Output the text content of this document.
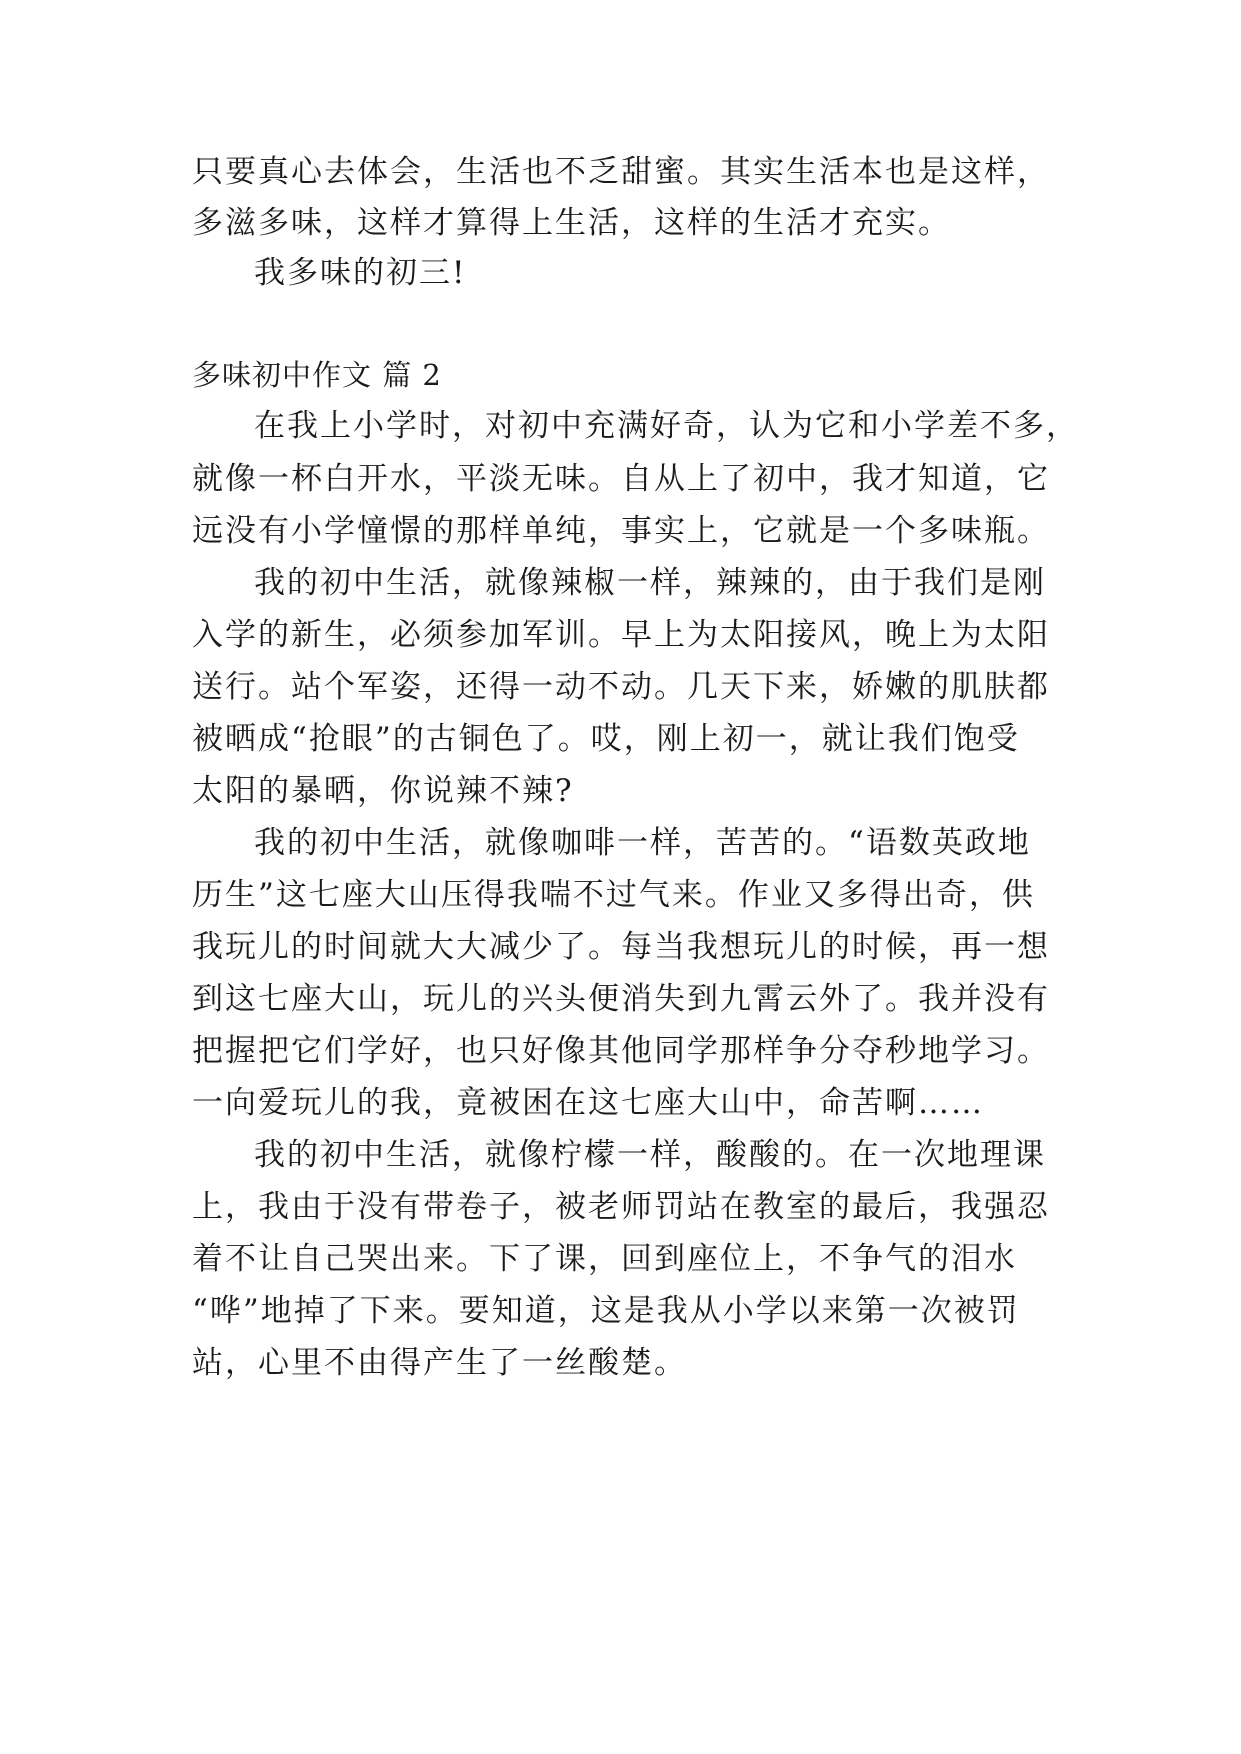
只要真心去体会，生活也不乏甜蜜。其实生活本也是这样，
多滋多味，这样才算得上生活，这样的生活才充实。
我多味的初三!
多味初中作文 篇 2
在我上小学时，对初中充满好奇，认为它和小学差不多，
就像一杯白开水，平淡无味。自从上了初中，我才知道，它
远没有小学憧憬的那样单纯，事实上，它就是一个多味瓶。
我的初中生活，就像辣椒一样，辣辣的，由于我们是刚
入学的新生，必须参加军训。早上为太阳接风，晚上为太阳
送行。站个军姿，还得一动不动。几天下来，娇嫩的肌肤都
被晒成“抢眼”的古铜色了。哎，刚上初一，就让我们饱受
太阳的暴晒，你说辣不辣?
我的初中生活，就像咖啡一样，苦苦的。“语数英政地
历生”这七座大山压得我喘不过气来。作业又多得出奇，供
我玩儿的时间就大大减少了。每当我想玩儿的时候，再一想
到这七座大山，玩儿的兴头便消失到九霄云外了。我并没有
把握把它们学好，也只好像其他同学那样争分夺秒地学习。
一向爱玩儿的我，竟被困在这七座大山中，命苦啊……
我的初中生活，就像柠檬一样，酸酸的。在一次地理课
上，我由于没有带卷子，被老师罚站在教室的最后，我强忍
着不让自己哭出来。下了课，回到座位上，不争气的泪水
“哗”地掉了下来。要知道，这是我从小学以来第一次被罚
站，心里不由得产生了一丝酸楚。
